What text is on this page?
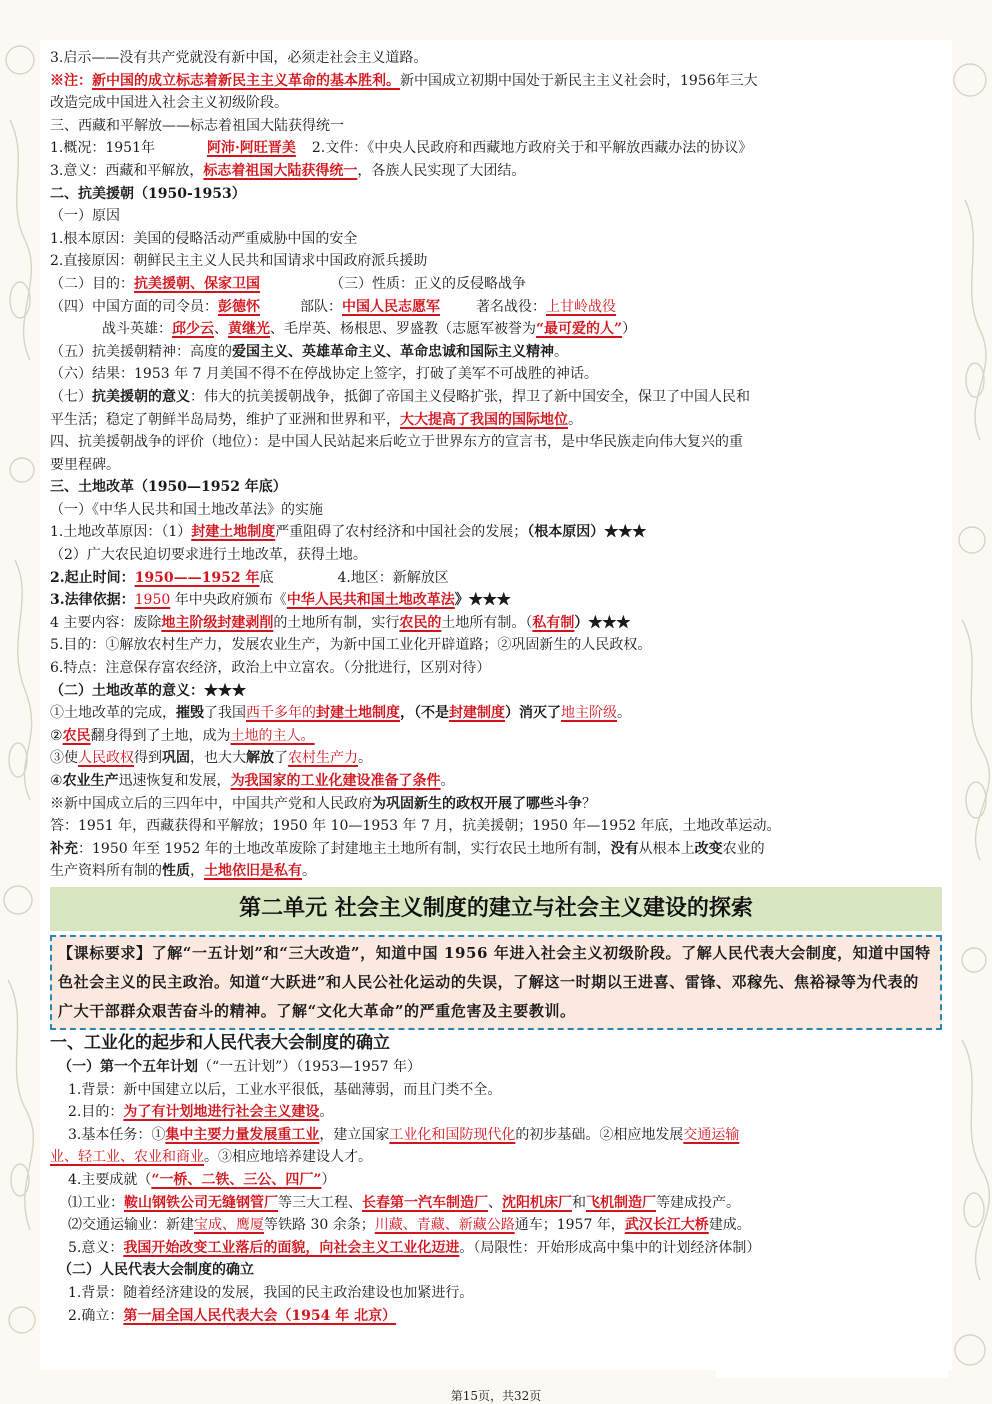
3.启示——没有共产党就没有新中国，必须走社会主义道路。
※注：新中国的成立标志着新民主主义革命的基本胜利。新中国成立初期中国处于新民主主义社会时，1956年三大
改造完成中国进入社会主义初级阶段。
三、西藏和平解放——标志着祖国大陆获得统一
1.概况：1951年	阿沛·阿旺晋美 2.文件：《中央人民政府和西藏地方政府关于和平解放西藏办法的协议》
3.意义：西藏和平解放，标志着祖国大陆获得统一，各族人民实现了大团结。
二、抗美援朝（1950-1953）
（一）原因
1.根本原因：美国的侵略活动严重威胁中国的安全
2.直接原因：朝鲜民主主义人民共和国请求中国政府派兵援助
（二）目的：抗美援朝、保家卫国	（三）性质：正义的反侵略战争
（四）中国方面的司令员：彭德怀	部队：中国人民志愿军	著名战役：上甘岭战役
战斗英雄：邱少云、黄继光、毛岸英、杨根思、罗盛教（志愿军被誉为“最可爱的人”）
（五）抗美援朝精神：高度的爱国主义、英雄革命主义、革命忠诚和国际主义精神。
（六）结果：1953 年 7 月美国不得不在停战协定上签字，打破了美军不可战胜的神话。
（七）抗美援朝的意义：伟大的抗美援朝战争，抵御了帝国主义侵略扩张，捍卫了新中国安全，保卫了中国人民和
平生活；稳定了朝鲜半岛局势，维护了亚洲和世界和平，大大提高了我国的国际地位。
四、抗美援朝战争的评价（地位）：是中国人民站起来后屹立于世界东方的宣言书，是中华民族走向伟大复兴的重
要里程碑。
三、土地改革（1950—1952 年底）
（一）《中华人民共和国土地改革法》的实施
1.土地改革原因：（1）封建土地制度严重阻碍了农村经济和中国社会的发展；（根本原因）★★★
（2）广大农民迫切要求进行土地改革，获得土地。
2.起止时间：1950——1952 年底	4.地区：新解放区
3.法律依据：1950 年中央政府颁布《中华人民共和国土地改革法》★★★
4 主要内容：废除地主阶级封建剥削的土地所有制，实行农民的土地所有制。（私有制）★★★
5.目的：①解放农村生产力，发展农业生产，为新中国工业化开辟道路；②巩固新生的人民政权。
6.特点：注意保存富农经济，政治上中立富农。（分批进行，区别对待）
（二）土地改革的意义：★★★
①土地改革的完成，摧毁了我国西千多年的封建土地制度，（不是封建制度）消灭了地主阶级。
②农民翻身得到了土地，成为土地的主人。
③使人民政权得到巩固，也大大解放了农村生产力。
④农业生产迅速恢复和发展，为我国家的工业化建设准备了条件。
※新中国成立后的三四年中，中国共产党和人民政府为巩固新生的政权开展了哪些斗争？
答：1951 年，西藏获得和平解放；1950 年 10—1953 年 7 月，抗美援朝；1950 年—1952 年底，土地改革运动。
补充：1950 年至 1952 年的土地改革废除了封建地主土地所有制，实行农民土地所有制，没有从根本上改变农业的
生产资料所有制的性质，土地依旧是私有。
第二单元 社会主义制度的建立与社会主义建设的探索
【课标要求】了解“一五计划”和“三大改造”，知道中国 1956 年进入社会主义初级阶段。了解人民代表大会制度，知道中国特色社会主义的民主政治。知道“大跃进”和人民公社化运动的失误，了解这一时期以王进喜、雷锋、邓稼先、焦裕禄等为代表的广大干部群众艰苦奋斗的精神。了解“文化大革命”的严重危害及主要教训。
一、工业化的起步和人民代表大会制度的确立
（一）第一个五年计划（“一五计划”）（1953—1957 年）
1.背景：新中国建立以后，工业水平很低，基础薄弱，而且门类不全。
2.目的：为了有计划地进行社会主义建设。
3.基本任务：①集中主要力量发展重工业，建立国家工业化和国防现代化的初步基础。②相应地发展交通运输
业、轻工业、农业和商业。③相应地培养建设人才。
4.主要成就（“一桥、二铁、三公、四厂”）
⑴工业：鞍山钢铁公司无缝钢管厂等三大工程、长春第一汽车制造厂、沈阳机床厂和飞机制造厂等建成投产。
⑵交通运输业：新建宝成、鹰厦等铁路 30 余条；川藏、青藏、新藏公路通车；1957 年，武汉长江大桥建成。
5.意义：我国开始改变工业落后的面貌，向社会主义工业化迈进。（局限性：开始形成高中集中的计划经济体制）
（二）人民代表大会制度的确立
1.背景：随着经济建设的发展，我国的民主政治建设也加紧进行。
2.确立：第一届全国人民代表大会（1954 年 北京）
第15页，共32页
